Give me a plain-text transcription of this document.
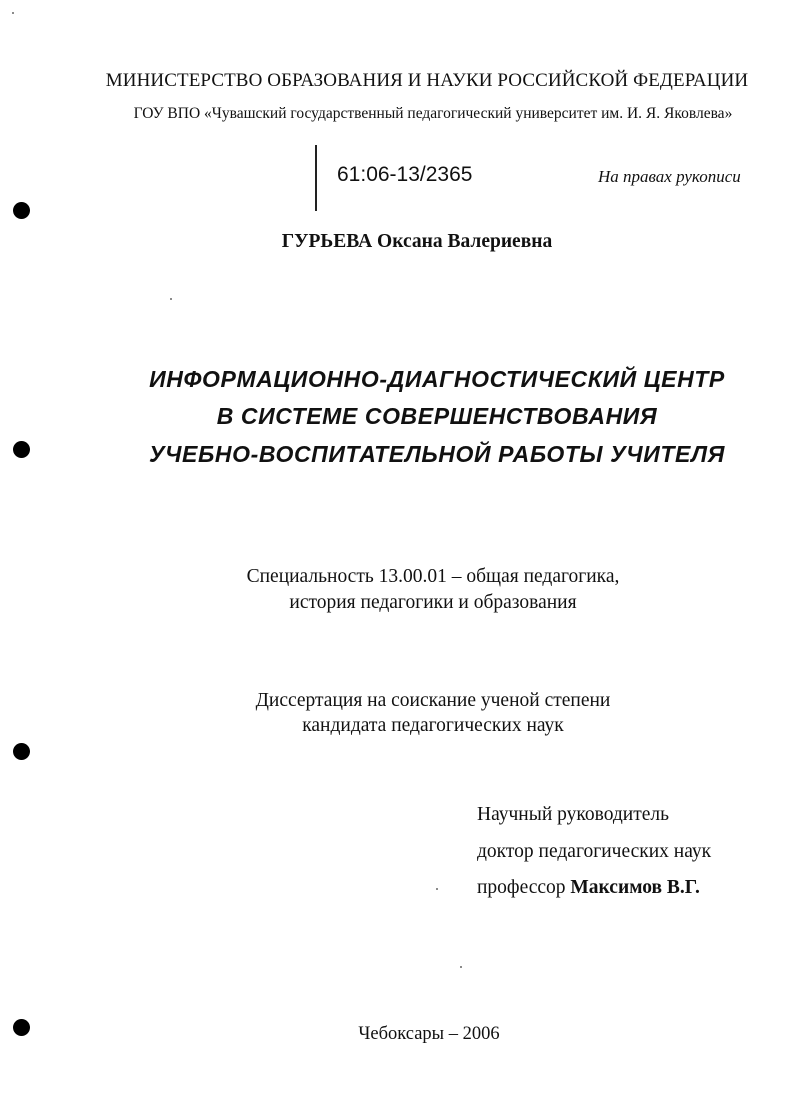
МИНИСТЕРСТВО ОБРАЗОВАНИЯ И НАУКИ РОССИЙСКОЙ ФЕДЕРАЦИИ
ГОУ ВПО «Чувашский государственный педагогический университет им. И. Я. Яковлева»
61:06-13/2365	На правах рукописи
ГУРЬЕВА Оксана Валериевна
ИНФОРМАЦИОННО-ДИАГНОСТИЧЕСКИЙ ЦЕНТР
В СИСТЕМЕ СОВЕРШЕНСТВОВАНИЯ
УЧЕБНО-ВОСПИТАТЕЛЬНОЙ РАБОТЫ УЧИТЕЛЯ
Специальность 13.00.01 – общая педагогика,
история педагогики и образования
Диссертация на соискание ученой степени
кандидата педагогических наук
Научный руководитель
доктор педагогических наук
профессор Максимов В.Г.
Чебоксары – 2006
